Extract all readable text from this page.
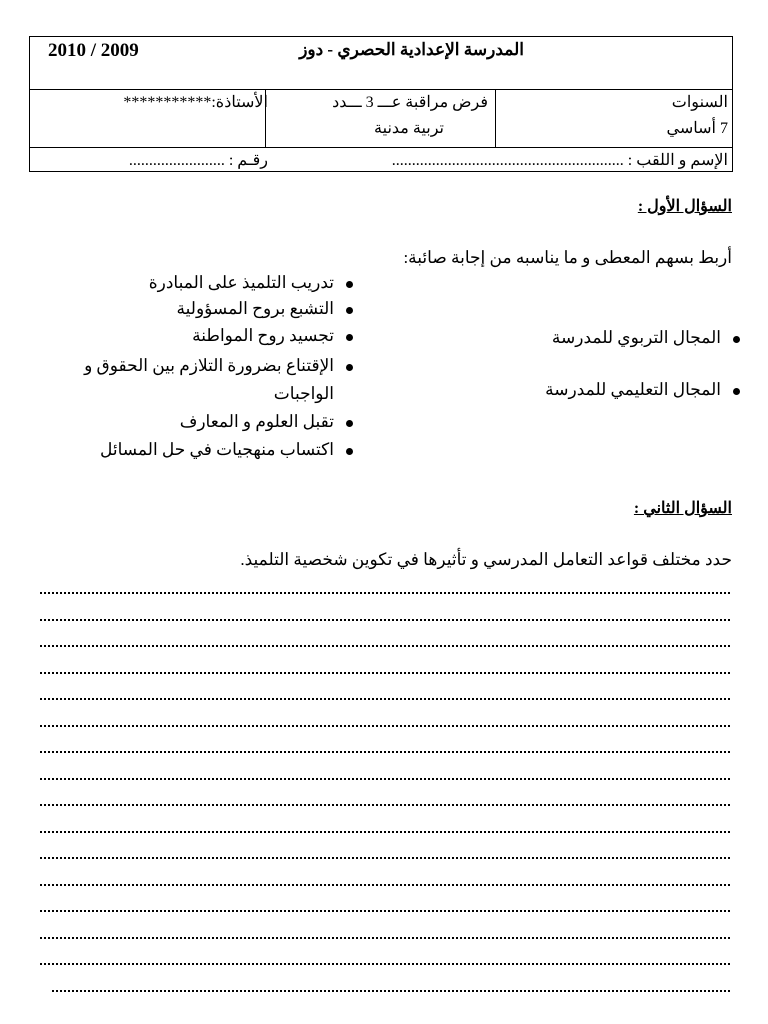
2010 / 2009	المدرسة الإعدادية الحصري - دوز
السنوات
7 أساسي
فرض مراقبة عـــ 3 ـــدد
تربية مدنية
الأستاذة:***********
الإسم و اللقب : ..........................................................
رقـم : ........................
السؤال الأول :
أربط بسهم المعطى و ما يناسبه من إجابة صائبة:
المجال التربوي للمدرسة
المجال التعليمي للمدرسة
تدريب التلميذ على المبادرة
التشبع بروح المسؤولية
تجسيد روح المواطنة
الإقتناع بضرورة التلازم بين الحقوق و
الواجبات
تقبل العلوم و المعارف
اكتساب منهجيات في حل المسائل
السؤال الثاني :
حدد مختلف قواعد التعامل المدرسي و تأثيرها في تكوين شخصية التلميذ.
